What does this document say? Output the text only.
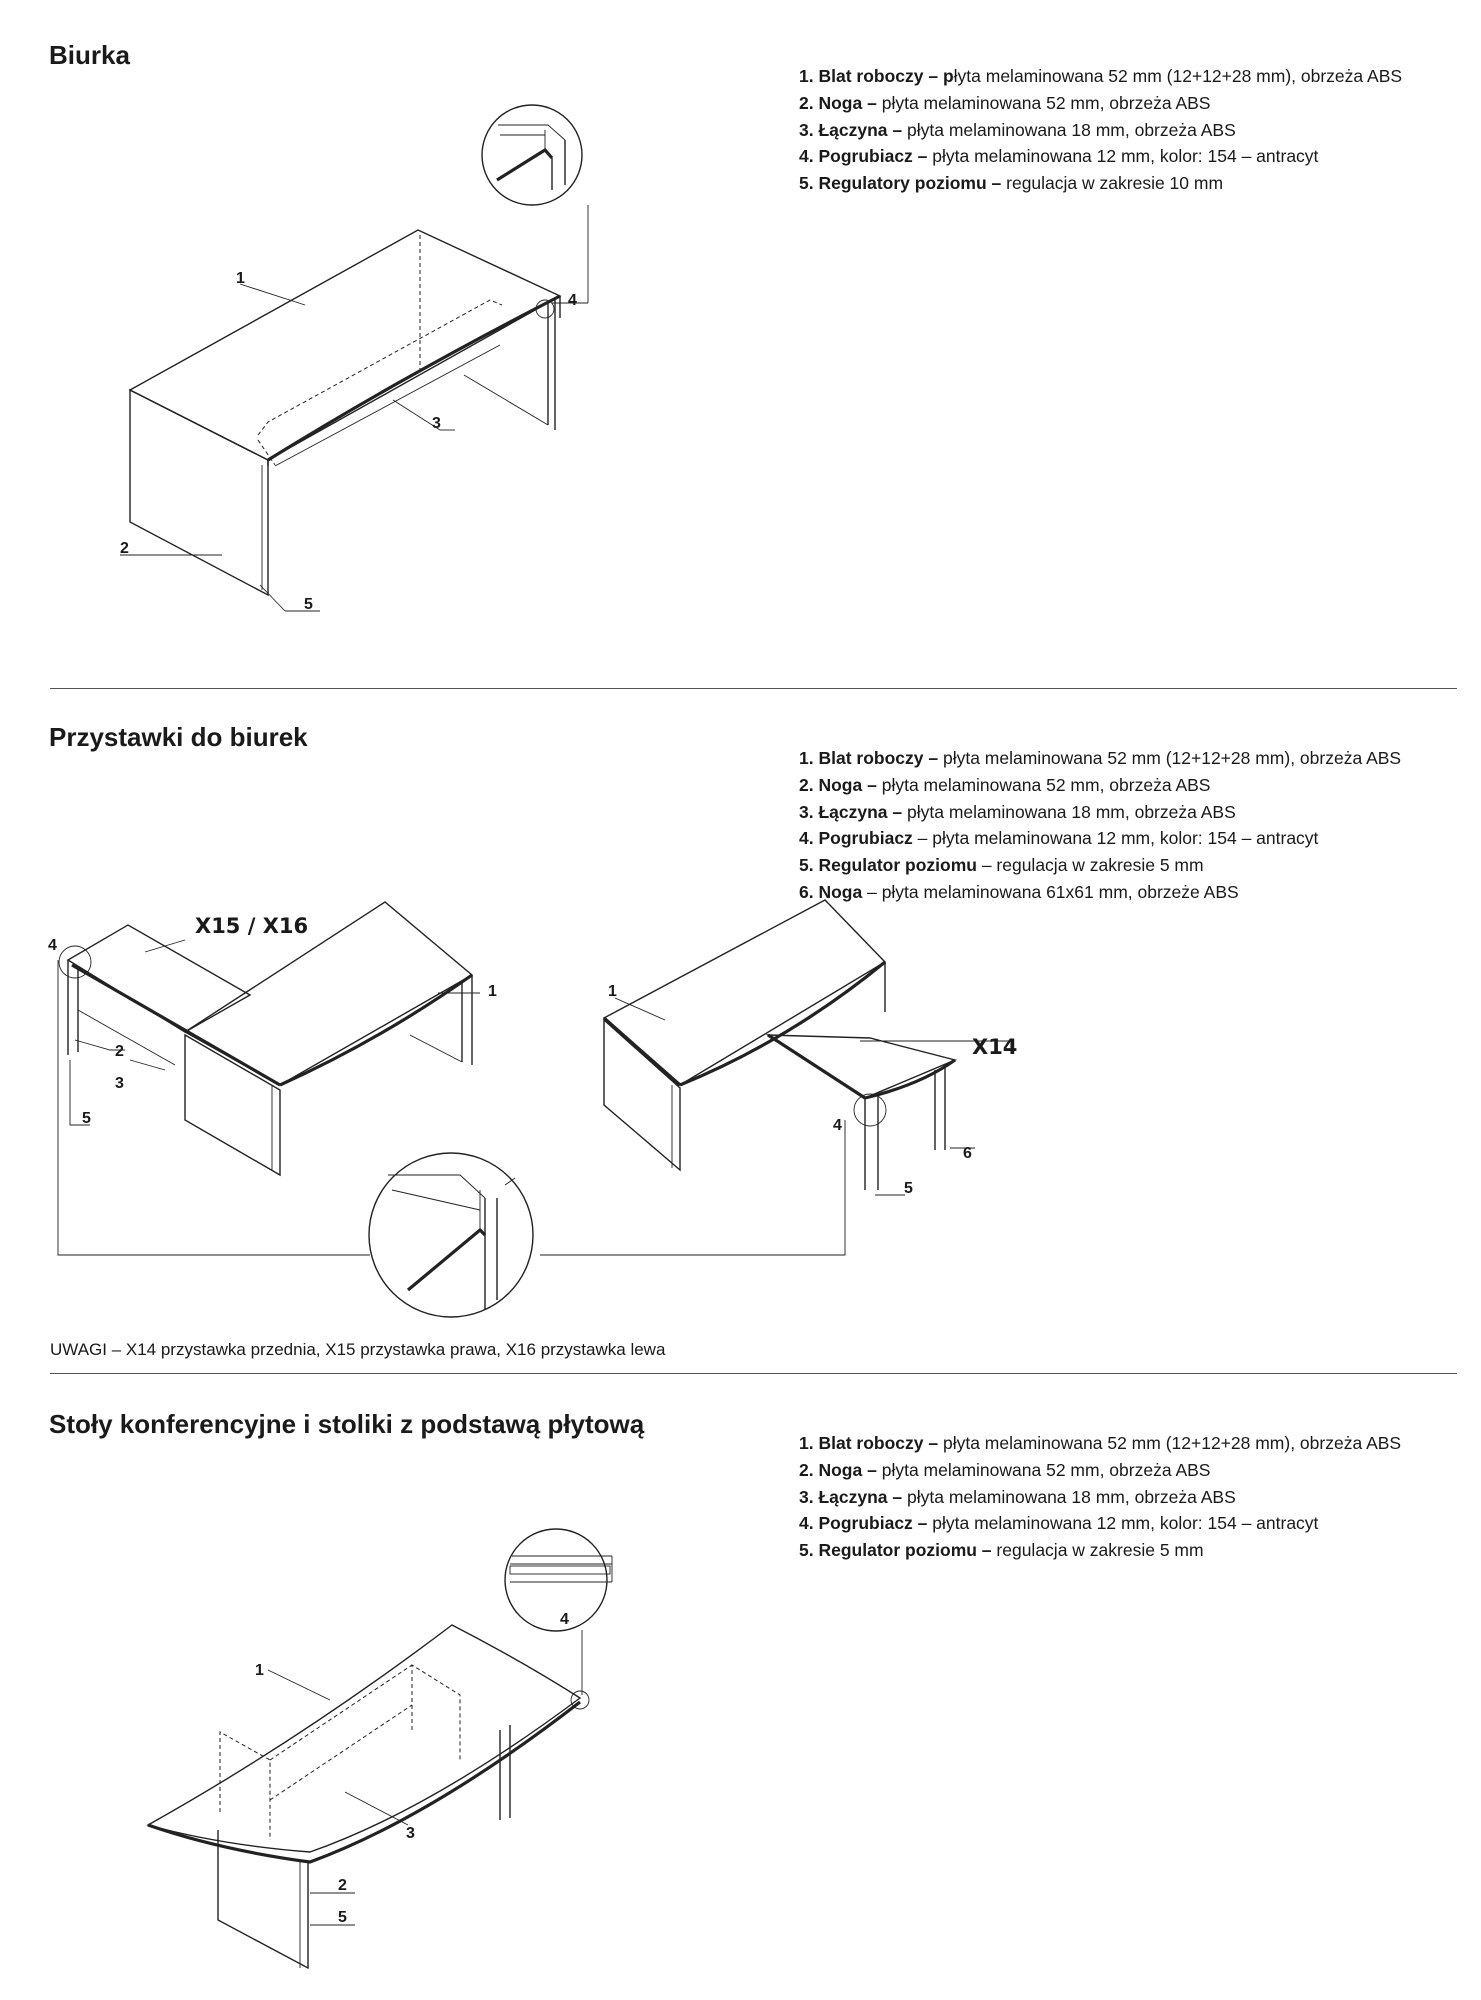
Biurka
1. Blat roboczy – płyta melaminowana 52 mm (12+12+28 mm), obrzeża ABS
2. Noga – płyta melaminowana 52 mm, obrzeża ABS
3. Łączyna – płyta melaminowana 18 mm, obrzeża ABS
4. Pogrubiacz – płyta melaminowana 12 mm, kolor: 154 – antracyt
5. Regulatory poziomu – regulacja w zakresie 10 mm
1
2
3
4
5
Przystawki do biurek
1. Blat roboczy – płyta melaminowana 52 mm (12+12+28 mm), obrzeża ABS
2. Noga – płyta melaminowana 52 mm, obrzeża ABS
3. Łączyna – płyta melaminowana 18 mm, obrzeża ABS
4. Pogrubiacz – płyta melaminowana 12 mm, kolor: 154 – antracyt
5. Regulator poziomu – regulacja w zakresie 5 mm
6. Noga – płyta melaminowana 61x61 mm, obrzeże ABS
X15 / X16
X14
1	1
2
3
4
4
5
5
6

UWAGI – X14 przystawka przednia, X15 przystawka prawa, X16 przystawka lewa

Stoły konferencyjne i stoliki z podstawą płytową
1. Blat roboczy – płyta melaminowana 52 mm (12+12+28 mm), obrzeża ABS
2. Noga – płyta melaminowana 52 mm, obrzeża ABS
3. Łączyna – płyta melaminowana 18 mm, obrzeża ABS
4. Pogrubiacz – płyta melaminowana 12 mm, kolor: 154 – antracyt
5. Regulator poziomu – regulacja w zakresie 5 mm
1
2
3
4
5
